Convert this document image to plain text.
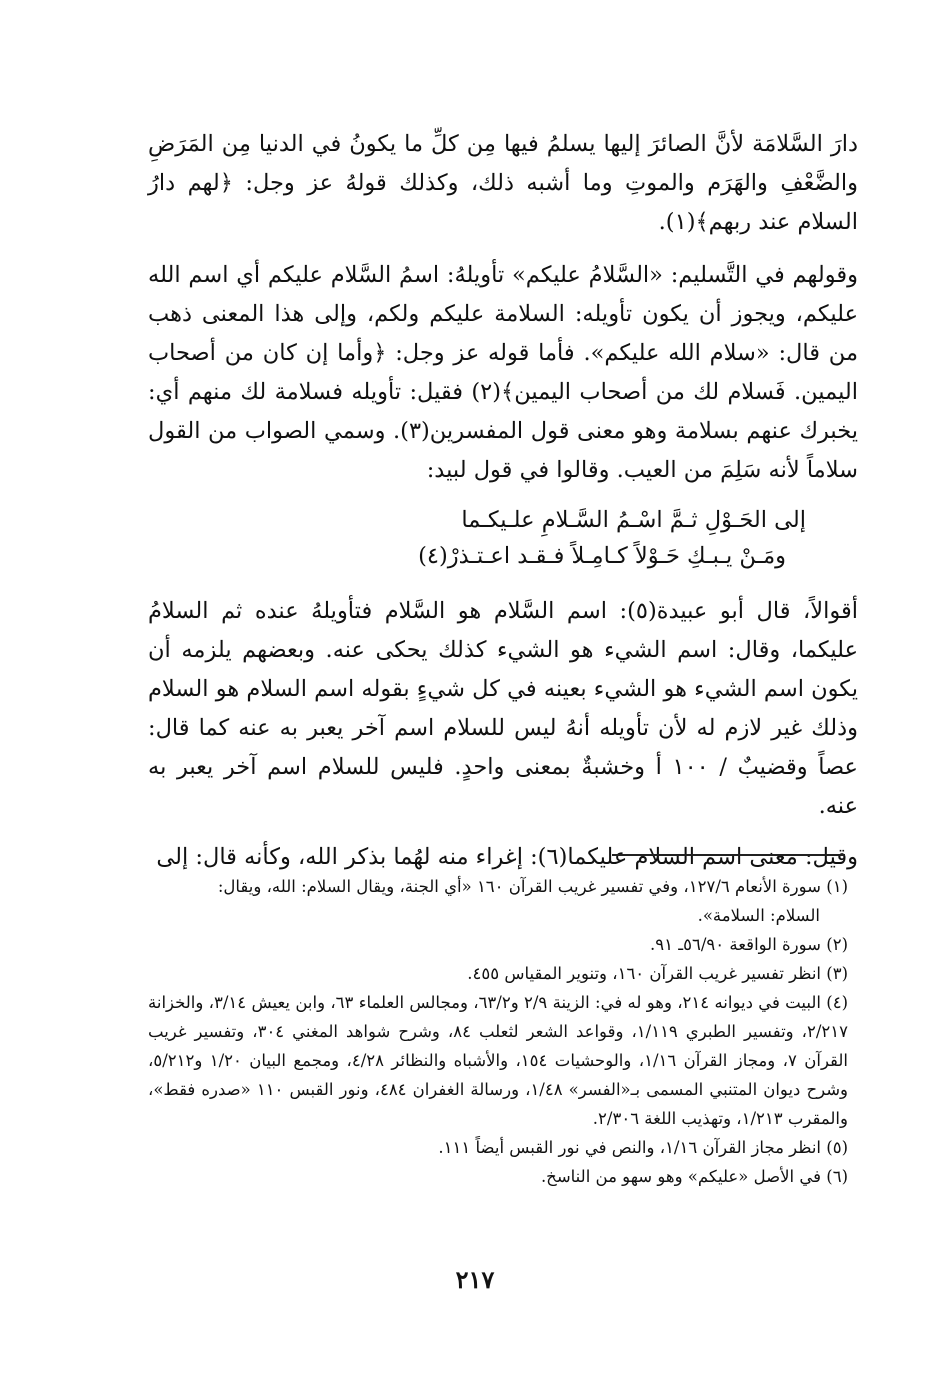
دارَ السَّلامَة لأنَّ الصائرَ إليها يسلمُ فيها مِن كلِّ ما يكونُ في الدنيا مِن المَرَضِ والضَّعْفِ والهَرَم والموتِ وما أشبه ذلك، وكذلك قولهُ عز وجل: ﴿لهم دارُ السلام عند ربهم﴾(١).

وقولهم في التَّسليم: «السَّلامُ عليكم» تأويلهُ: اسمُ السَّلام عليكم أي اسم الله عليكم، ويجوز أن يكون تأويله: السلامة عليكم ولكم، وإلى هذا المعنى ذهب من قال: «سلام الله عليكم». فأما قوله عز وجل: ﴿وأما إن كان من أصحاب اليمين. فَسلام لك من أصحاب اليمين﴾(٢) فقيل: تأويله فسلامة لك منهم أي: يخبرك عنهم بسلامة وهو معنى قول المفسرين(٣). وسمي الصواب من القول سلاماً لأنه سَلِمَ من العيب. وقالوا في قول لبيد:

إلى الحَـوْلِ ثـمَّ اسْـمُ السَّـلامِ علـيكـما
ومَـنْ يـبـكِ حَـوْلاً كـامِـلاً فـقـد اعـتـذرْ(٤)

أقوالاً، قال أبو عبيدة(٥): اسم السَّلام هو السَّلام فتأويلهُ عنده ثم السلامُ عليكما، وقال: اسم الشيء هو الشيء كذلك يحكى عنه. وبعضهم يلزمه أن يكون اسم الشيء هو الشيء بعينه في كل شيءٍ بقوله اسم السلام هو السلام وذلك غير لازم له لأن تأويله أنهُ ليس للسلام اسم آخر يعبر به عنه كما قال: عصاً وقضيبٌ / ١٠٠ أ وخشبةٌ بمعنى واحدٍ. فليس للسلام اسم آخر يعبر به عنه.

وقيل: معنى اسم السلام عليكما(٦): إغراء منه لهُما بذكر الله، وكأنه قال: إلى

(١) سورة الأنعام ١٢٧/٦، وفي تفسير غريب القرآن ١٦٠ «أي الجنة، ويقال السلام: الله، ويقال:

السلام: السلامة».

(٢) سورة الواقعة ٥٦/٩٠ـ ٩١.

(٣) انظر تفسير غريب القرآن ١٦٠، وتنوير المقياس ٤٥٥.

(٤) البيت في ديوانه ٢١٤، وهو له في: الزينة ٢/٩ و٦٣/٢، ومجالس العلماء ٦٣، وابن يعيش ٣/١٤، والخزانة ٢/٢١٧، وتفسير الطبري ١/١١٩، وقواعد الشعر لثعلب ٨٤، وشرح شواهد المغني ٣٠٤، وتفسير غريب القرآن ٧، ومجاز القرآن ١/١٦، والوحشيات ١٥٤، والأشباه والنظائر ٤/٢٨، ومجمع البيان ١/٢٠ و٥/٢١٢، وشرح ديوان المتنبي المسمى بـ«الفسر» ١/٤٨، ورسالة الغفران ٤٨٤، ونور القبس ١١٠ «صدره فقط»، والمقرب ١/٢١٣، وتهذيب اللغة ٢/٣٠٦.

(٥) انظر مجاز القرآن ١/١٦، والنص في نور القبس أيضاً ١١١.

(٦) في الأصل «عليكم» وهو سهو من الناسخ.

٢١٧
